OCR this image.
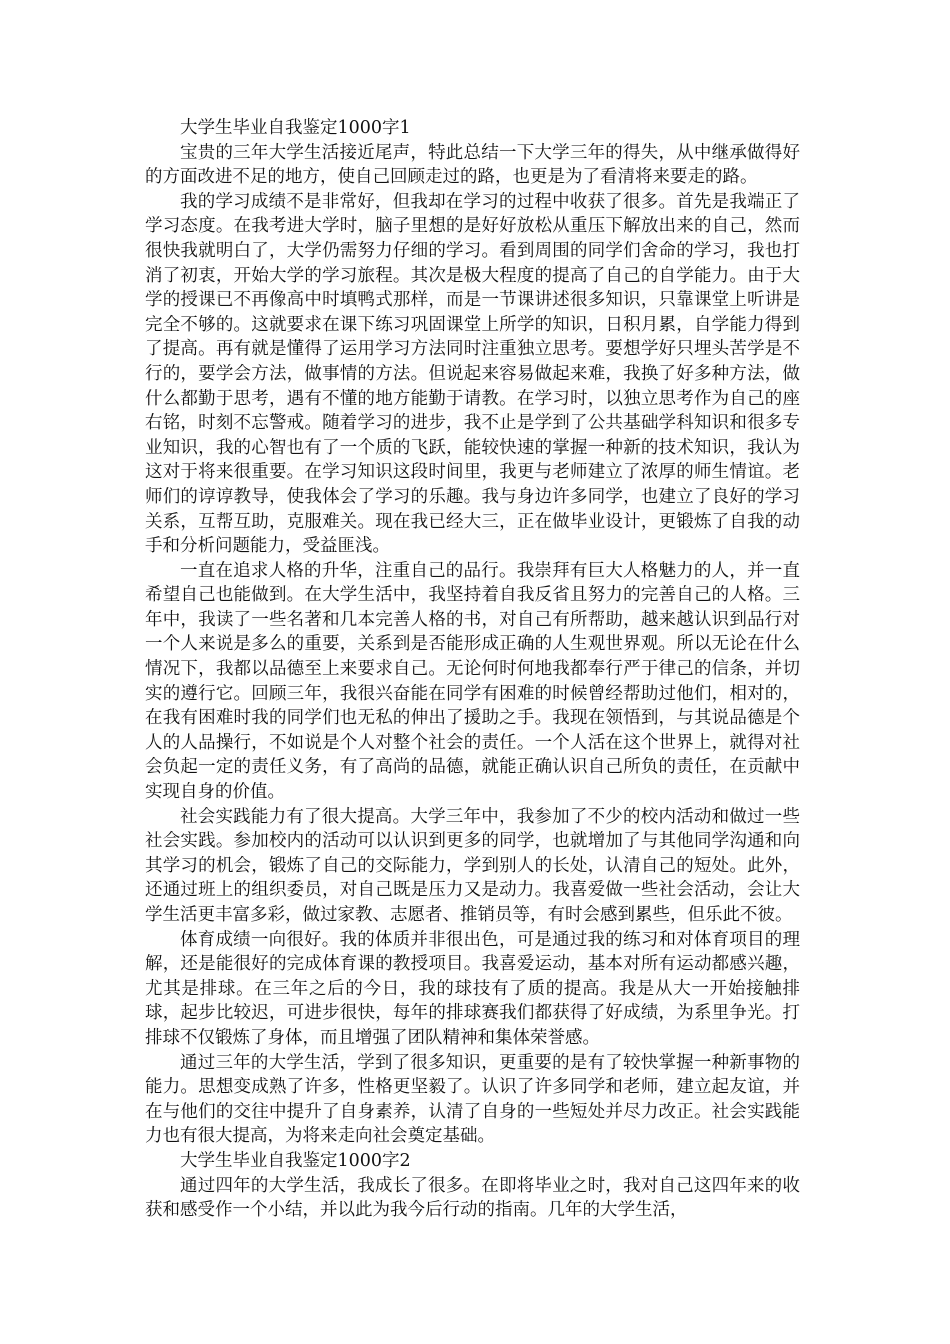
大学生毕业自我鉴定1000字1

宝贵的三年大学生活接近尾声，特此总结一下大学三年的得失，从中继承做得好的方面改进不足的地方，使自己回顾走过的路，也更是为了看清将来要走的路。

我的学习成绩不是非常好，但我却在学习的过程中收获了很多。首先是我端正了学习态度。在我考进大学时，脑子里想的是好好放松从重压下解放出来的自己，然而很快我就明白了，大学仍需努力仔细的学习。看到周围的同学们舍命的学习，我也打消了初衷，开始大学的学习旅程。其次是极大程度的提高了自己的自学能力。由于大学的授课已不再像高中时填鸭式那样，而是一节课讲述很多知识，只靠课堂上听讲是完全不够的。这就要求在课下练习巩固课堂上所学的知识，日积月累，自学能力得到了提高。再有就是懂得了运用学习方法同时注重独立思考。要想学好只埋头苦学是不行的，要学会方法，做事情的方法。但说起来容易做起来难，我换了好多种方法，做什么都勤于思考，遇有不懂的地方能勤于请教。在学习时，以独立思考作为自己的座右铭，时刻不忘警戒。随着学习的进步，我不止是学到了公共基础学科知识和很多专业知识，我的心智也有了一个质的飞跃，能较快速的掌握一种新的技术知识，我认为这对于将来很重要。在学习知识这段时间里，我更与老师建立了浓厚的师生情谊。老师们的谆谆教导，使我体会了学习的乐趣。我与身边许多同学，也建立了良好的学习关系，互帮互助，克服难关。现在我已经大三，正在做毕业设计，更锻炼了自我的动手和分析问题能力，受益匪浅。

一直在追求人格的升华，注重自己的品行。我崇拜有巨大人格魅力的人，并一直希望自己也能做到。在大学生活中，我坚持着自我反省且努力的完善自己的人格。三年中，我读了一些名著和几本完善人格的书，对自己有所帮助，越来越认识到品行对一个人来说是多么的重要，关系到是否能形成正确的人生观世界观。所以无论在什么情况下，我都以品德至上来要求自己。无论何时何地我都奉行严于律己的信条，并切实的遵行它。回顾三年，我很兴奋能在同学有困难的时候曾经帮助过他们，相对的，在我有困难时我的同学们也无私的伸出了援助之手。我现在领悟到，与其说品德是个人的人品操行，不如说是个人对整个社会的责任。一个人活在这个世界上，就得对社会负起一定的责任义务，有了高尚的品德，就能正确认识自己所负的责任，在贡献中实现自身的价值。

社会实践能力有了很大提高。大学三年中，我参加了不少的校内活动和做过一些社会实践。参加校内的活动可以认识到更多的同学，也就增加了与其他同学沟通和向其学习的机会，锻炼了自己的交际能力，学到别人的长处，认清自己的短处。此外，还通过班上的组织委员，对自己既是压力又是动力。我喜爱做一些社会活动，会让大学生活更丰富多彩，做过家教、志愿者、推销员等，有时会感到累些，但乐此不彼。

体育成绩一向很好。我的体质并非很出色，可是通过我的练习和对体育项目的理解，还是能很好的完成体育课的教授项目。我喜爱运动，基本对所有运动都感兴趣，尤其是排球。在三年之后的今日，我的球技有了质的提高。我是从大一开始接触排球，起步比较迟，可进步很快，每年的排球赛我们都获得了好成绩，为系里争光。打排球不仅锻炼了身体，而且增强了团队精神和集体荣誉感。

通过三年的大学生活，学到了很多知识，更重要的是有了较快掌握一种新事物的能力。思想变成熟了许多，性格更坚毅了。认识了许多同学和老师，建立起友谊，并在与他们的交往中提升了自身素养，认清了自身的一些短处并尽力改正。社会实践能力也有很大提高，为将来走向社会奠定基础。

大学生毕业自我鉴定1000字2

通过四年的大学生活，我成长了很多。在即将毕业之时，我对自己这四年来的收获和感受作一个小结，并以此为我今后行动的指南。几年的大学生活，
